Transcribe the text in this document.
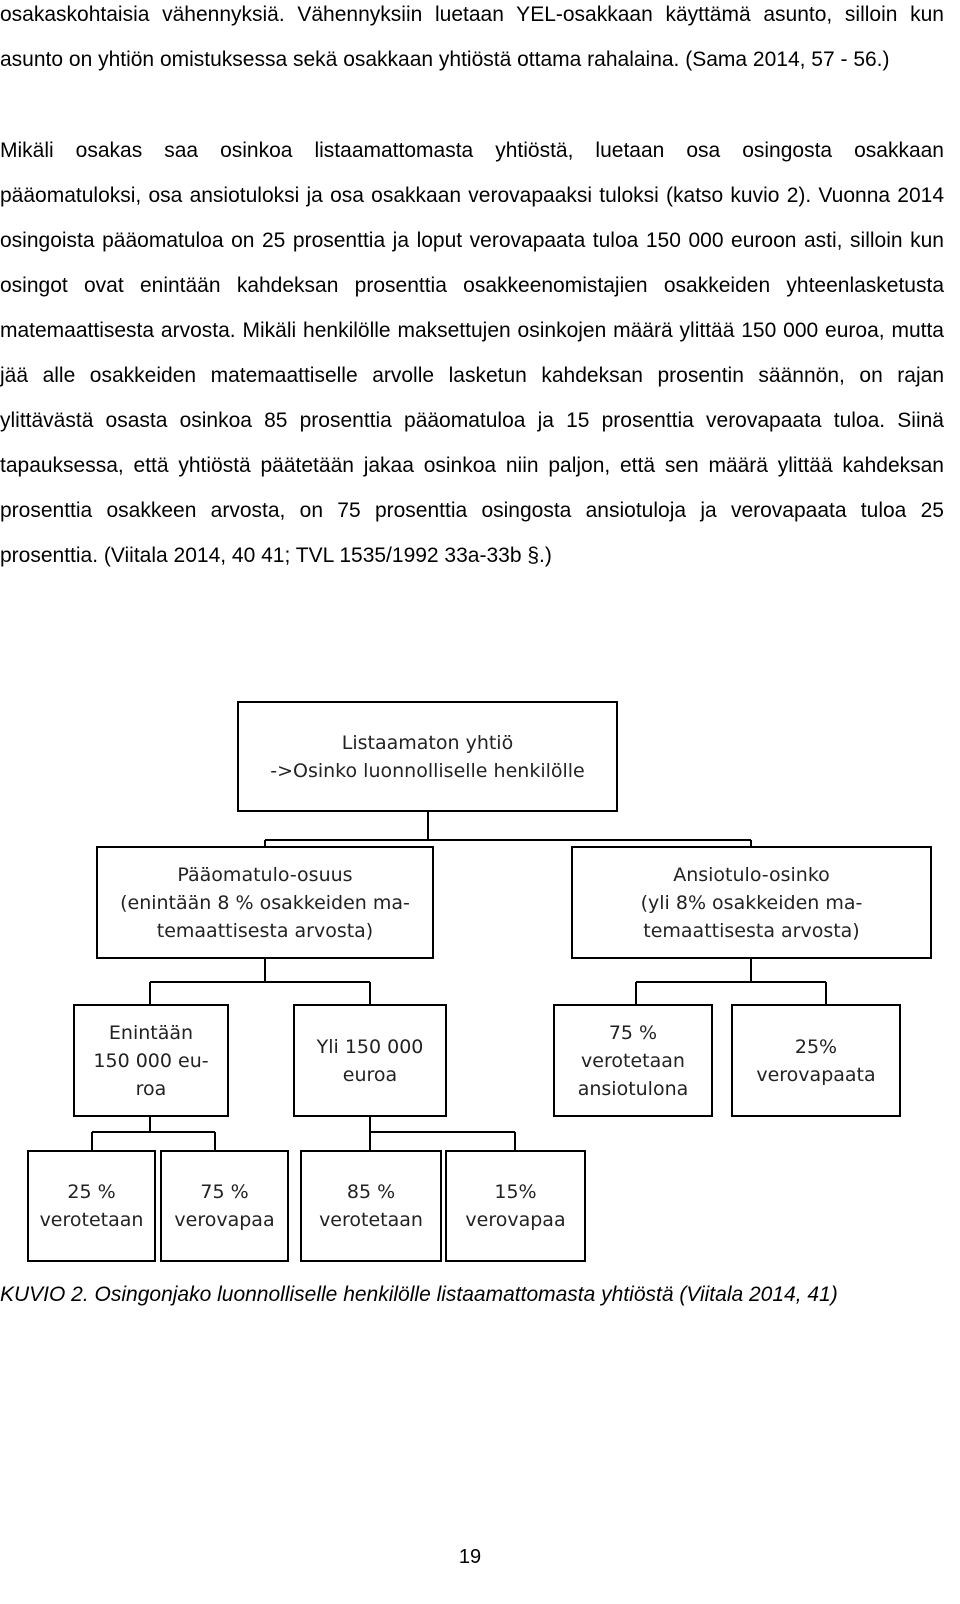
osakaskohtaisia vähennyksiä. Vähennyksiin luetaan YEL-osakkaan käyttämä asunto, silloin kun asunto on yhtiön omistuksessa sekä osakkaan yhtiöstä ottama rahalaina. (Sama 2014, 57 - 56.)

Mikäli osakas saa osinkoa listaamattomasta yhtiöstä, luetaan osa osingosta osakkaan pääomatuloksi, osa ansiotuloksi ja osa osakkaan verovapaaksi tuloksi (katso kuvio 2). Vuonna 2014 osingoista pääomatuloa on 25 prosenttia ja loput verovapaata tuloa 150 000 euroon asti, silloin kun osingot ovat enintään kahdeksan prosenttia osakkeenomistajien osakkeiden yhteenlasketusta matemaattisesta arvosta. Mikäli henkilölle maksettujen osinkojen määrä ylittää 150 000 euroa, mutta jää alle osakkeiden matemaattiselle arvolle lasketun kahdeksan prosentin säännön, on rajan ylittävästä osasta osinkoa 85 prosenttia pääomatuloa ja 15 prosenttia verovapaata tuloa. Siinä tapauksessa, että yhtiöstä päätetään jakaa osinkoa niin paljon, että sen määrä ylittää kahdeksan prosenttia osakkeen arvosta, on 75 prosenttia osingosta ansiotuloja ja verovapaata tuloa 25 prosenttia. (Viitala 2014, 40 41; TVL 1535/1992 33a-33b §.)

Listaamaton yhtiö
->Osinko luonnolliselle henkilölle
Pääomatulo-osuus
(enintään 8 % osakkeiden ma-
temaattisesta arvosta)
Ansiotulo-osinko
(yli 8% osakkeiden ma-
temaattisesta arvosta)
Enintään
150 000 eu-
roa
Yli 150 000
euroa
75 %
verotetaan
ansiotulona
25%
verovapaata
25 %
verotetaan
75 %
verovapaa
85 %
verotetaan
15%
verovapaa
KUVIO 2. Osingonjako luonnolliselle henkilölle listaamattomasta yhtiöstä (Viitala 2014, 41)
19
